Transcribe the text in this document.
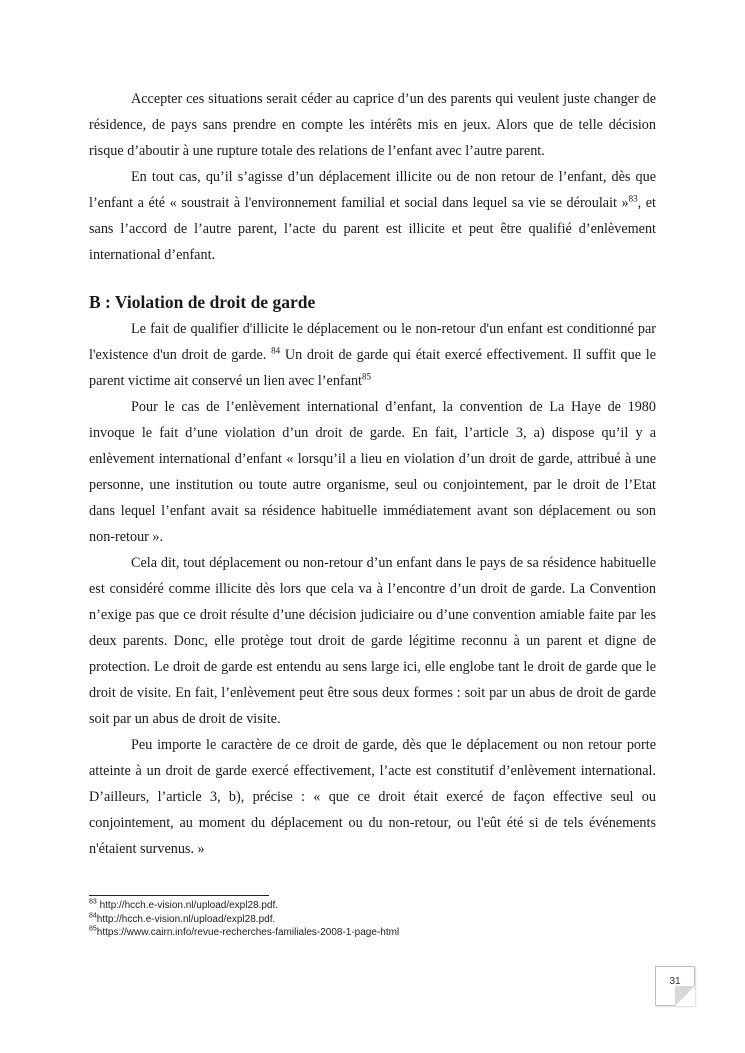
Accepter ces situations serait céder au caprice d’un des parents qui veulent juste changer de résidence, de pays sans prendre en compte les intérêts mis en jeux. Alors que de telle décision risque d’aboutir à une rupture totale des relations de l’enfant avec l’autre parent.

En tout cas, qu’il s’agisse d’un déplacement illicite ou de non retour de l’enfant, dès que l’enfant a été « soustrait à l'environnement familial et social dans lequel sa vie se déroulait »$^{83}$, et sans l’accord de l’autre parent, l’acte du parent est illicite et peut être qualifié d’enlèvement international d’enfant.

B : Violation de droit de garde

Le fait de qualifier d'illicite le déplacement ou le non-retour d'un enfant est conditionné par l'existence d'un droit de garde. $^{84}$ Un droit de garde qui était exercé effectivement. Il suffit que le parent victime ait conservé un lien avec l’enfant$^{85}$

Pour le cas de l’enlèvement international d’enfant, la convention de La Haye de 1980 invoque le fait d’une violation d’un droit de garde. En fait, l’article 3, a) dispose qu’il y a enlèvement international d’enfant « lorsqu’il a lieu en violation d’un droit de garde, attribué à une personne, une institution ou toute autre organisme, seul ou conjointement, par le droit de l’Etat dans lequel l’enfant avait sa résidence habituelle immédiatement avant son déplacement ou son non-retour ».

Cela dit, tout déplacement ou non-retour d’un enfant dans le pays de sa résidence habituelle est considéré comme illicite dès lors que cela va à l’encontre d’un droit de garde. La Convention n’exige pas que ce droit résulte d’une décision judiciaire ou d’une convention amiable faite par les deux parents. Donc, elle protège tout droit de garde légitime reconnu à un parent et digne de protection. Le droit de garde est entendu au sens large ici, elle englobe tant le droit de garde que le droit de visite. En fait, l’enlèvement peut être sous deux formes : soit par un abus de droit de garde soit par un abus de droit de visite.

Peu importe le caractère de ce droit de garde, dès que le déplacement ou non retour porte atteinte à un droit de garde exercé effectivement, l’acte est constitutif d’enlèvement international. D’ailleurs, l’article 3, b), précise : « que ce droit était exercé de façon effective seul ou conjointement, au moment du déplacement ou du non-retour, ou l'eût été si de tels événements n'étaient survenus. »

$^{83}$ http://hcch.e-vision.nl/upload/expl28.pdf.
$^{84}$http://hcch.e-vision.nl/upload/expl28.pdf.
$^{85}$https://www.cairn.info/revue-recherches-familiales-2008-1-page-html
31
